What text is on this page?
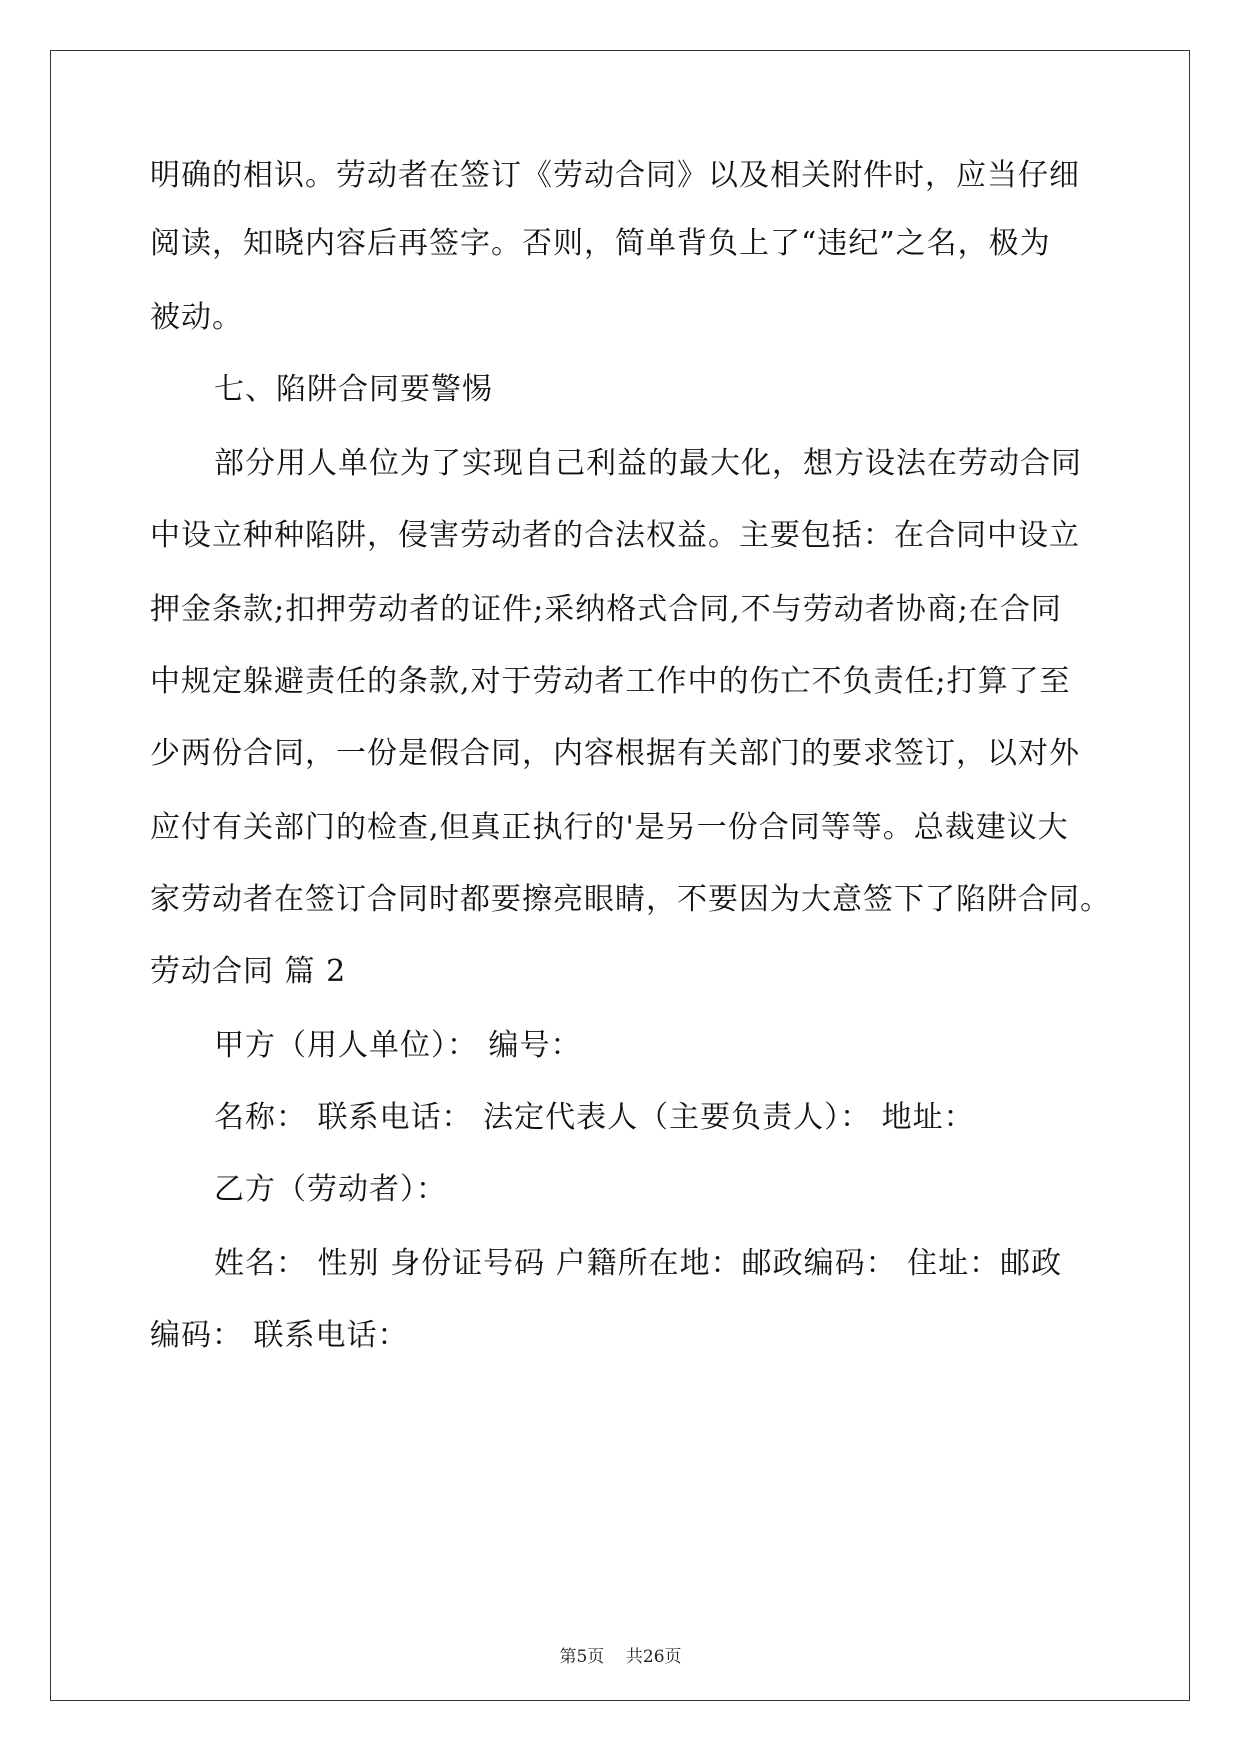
明确的相识。劳动者在签订《劳动合同》以及相关附件时，应当仔细
阅读，知晓内容后再签字。否则，简单背负上了“违纪”之名，极为
被动。
七、陷阱合同要警惕
部分用人单位为了实现自己利益的最大化，想方设法在劳动合同
中设立种种陷阱，侵害劳动者的合法权益。主要包括：在合同中设立
押金条款;扣押劳动者的证件;采纳格式合同,不与劳动者协商;在合同
中规定躲避责任的条款,对于劳动者工作中的伤亡不负责任;打算了至
少两份合同，一份是假合同，内容根据有关部门的要求签订，以对外
应付有关部门的检查,但真正执行的'是另一份合同等等。总裁建议大
家劳动者在签订合同时都要擦亮眼睛，不要因为大意签下了陷阱合同。
劳动合同 篇 2
甲方（用人单位）： 编号：
名称： 联系电话： 法定代表人（主要负责人）： 地址：
乙方（劳动者）：
姓名： 性别 身份证号码 户籍所在地：邮政编码： 住址：邮政
编码： 联系电话：
第5页 共26页
